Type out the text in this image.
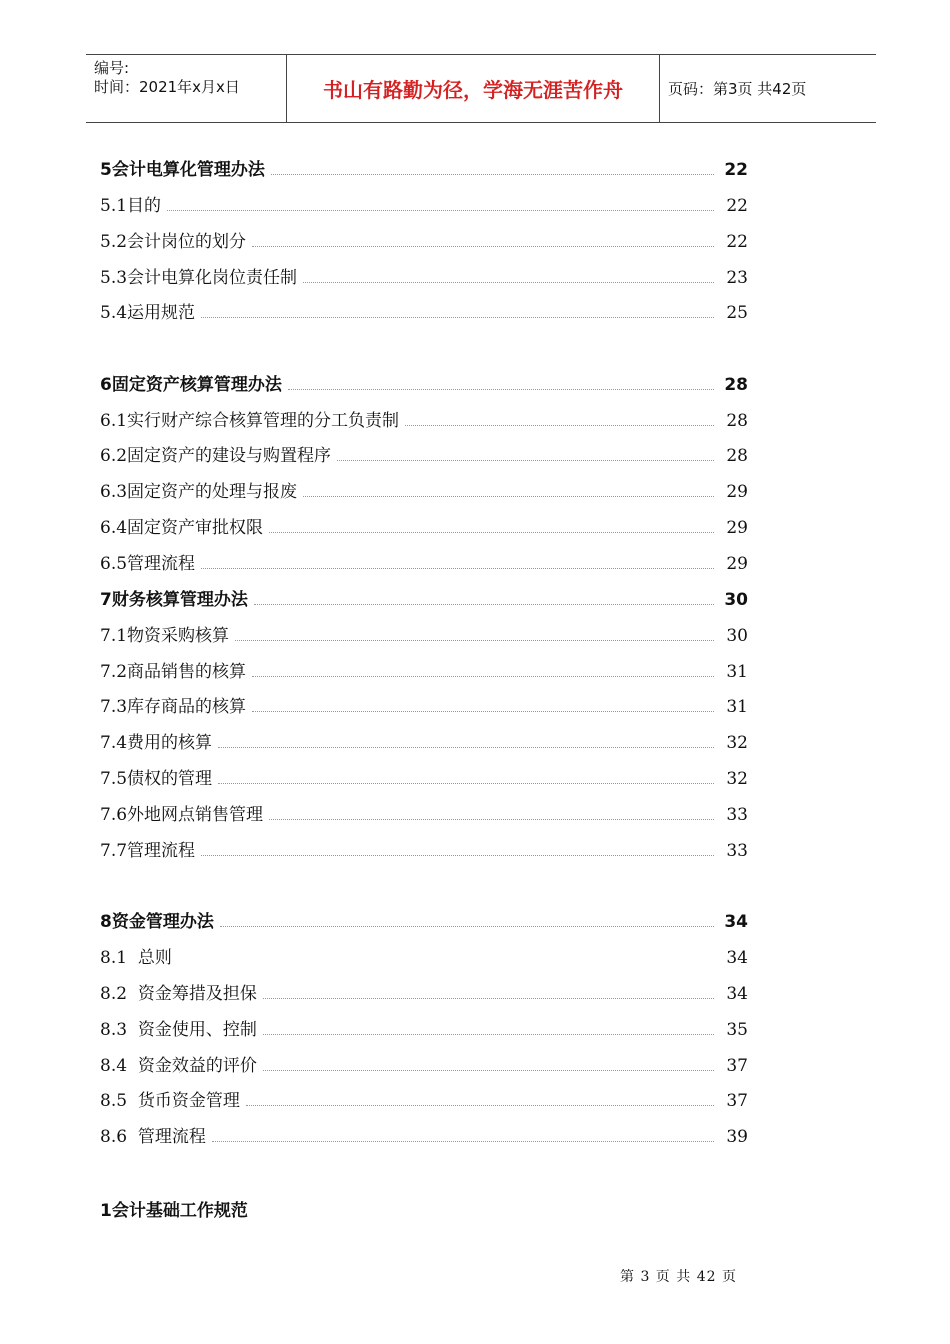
编号:
时间：2021年x月x日	书山有路勤为径，学海无涯苦作舟	页码：第3页 共42页
5会计电算化管理办法	22
5.1目的	22
5.2会计岗位的划分	22
5.3会计电算化岗位责任制	23
5.4运用规范	25
6固定资产核算管理办法	28
6.1实行财产综合核算管理的分工负责制	28
6.2固定资产的建设与购置程序	28
6.3固定资产的处理与报废	29
6.4固定资产审批权限	29
6.5管理流程	29
7财务核算管理办法	30
7.1物资采购核算	30
7.2商品销售的核算	31
7.3库存商品的核算	31
7.4费用的核算	32
7.5债权的管理	32
7.6外地网点销售管理	33
7.7管理流程	33
8资金管理办法	34
8.1  总则	34
8.2  资金筹措及担保	34
8.3  资金使用、控制	35
8.4  资金效益的评价	37
8.5  货币资金管理	37
8.6  管理流程	39
1会计基础工作规范
第 3 页 共 42 页
